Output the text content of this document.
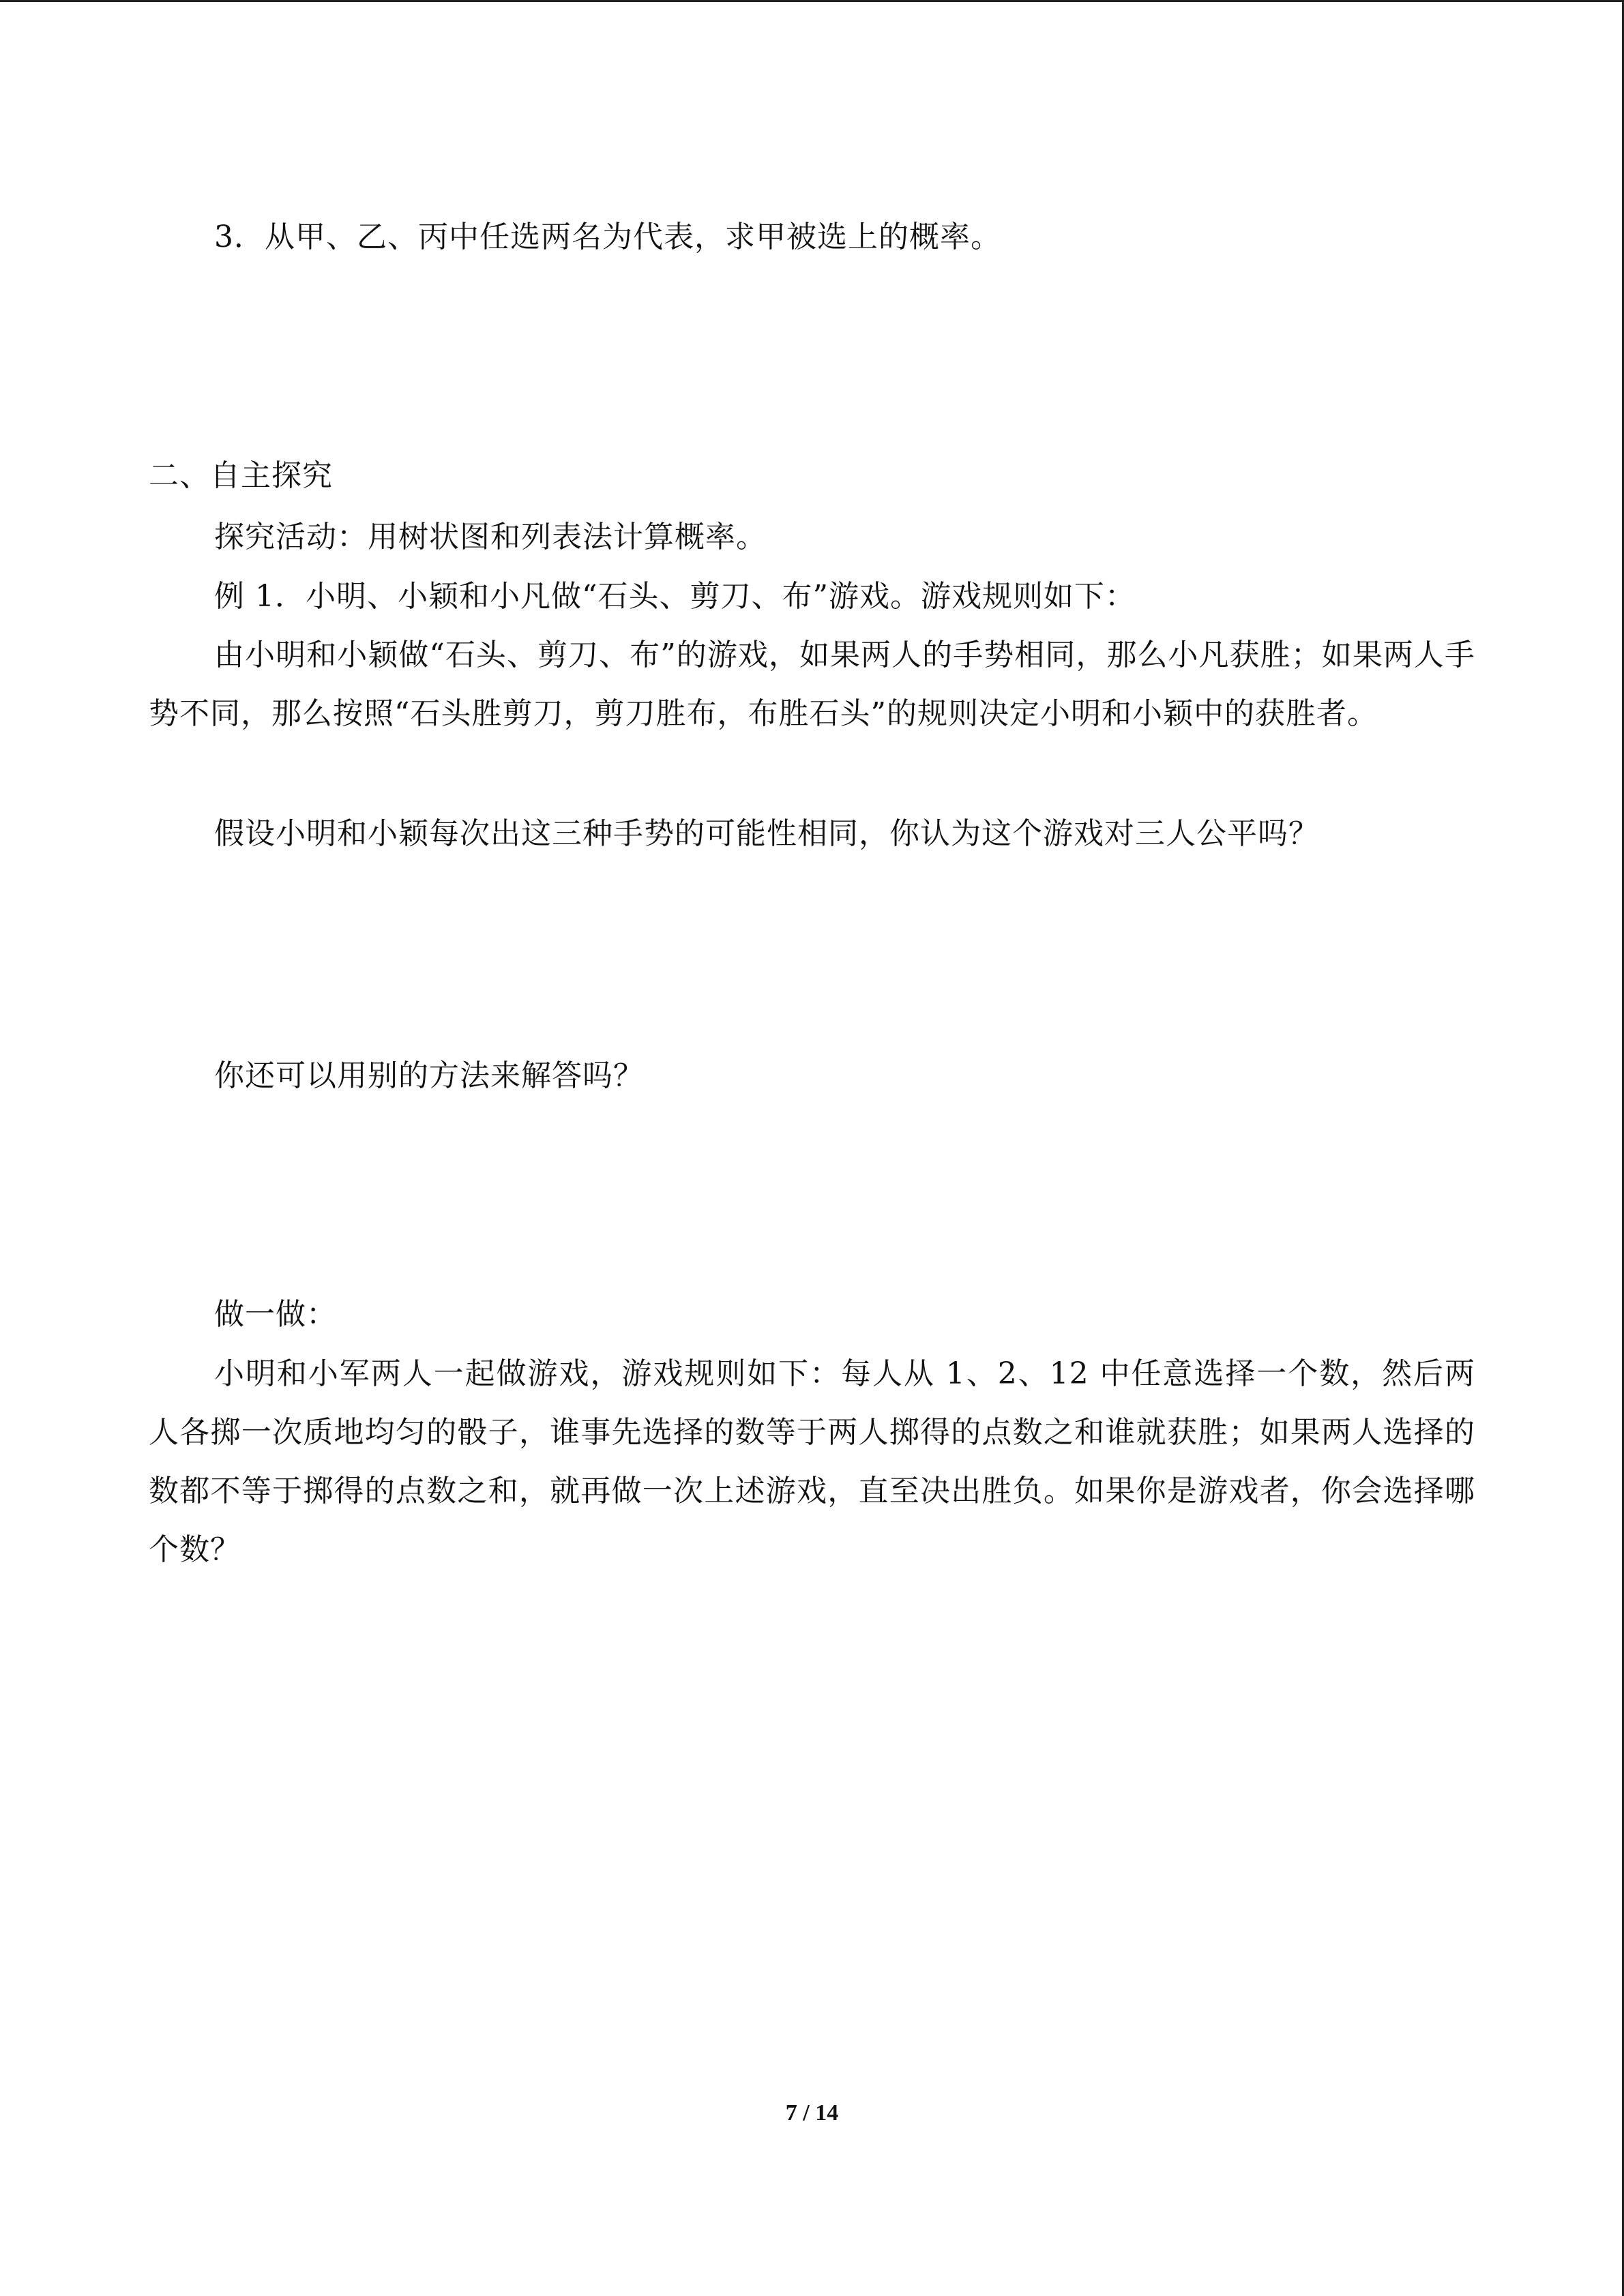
3．从甲、乙、丙中任选两名为代表，求甲被选上的概率。
二、自主探究
探究活动：用树状图和列表法计算概率。
例 1．小明、小颖和小凡做“石头、剪刀、布”游戏。游戏规则如下：
由小明和小颖做“石头、剪刀、布”的游戏，如果两人的手势相同，那么小凡获胜；如果两人手势不同，那么按照“石头胜剪刀，剪刀胜布，布胜石头”的规则决定小明和小颖中的获胜者。
假设小明和小颖每次出这三种手势的可能性相同，你认为这个游戏对三人公平吗？
你还可以用别的方法来解答吗？
做一做：
小明和小军两人一起做游戏，游戏规则如下：每人从 1、2、12 中任意选择一个数，然后两人各掷一次质地均匀的骰子，谁事先选择的数等于两人掷得的点数之和谁就获胜；如果两人选择的数都不等于掷得的点数之和，就再做一次上述游戏，直至决出胜负。如果你是游戏者，你会选择哪个数？
7 / 14
